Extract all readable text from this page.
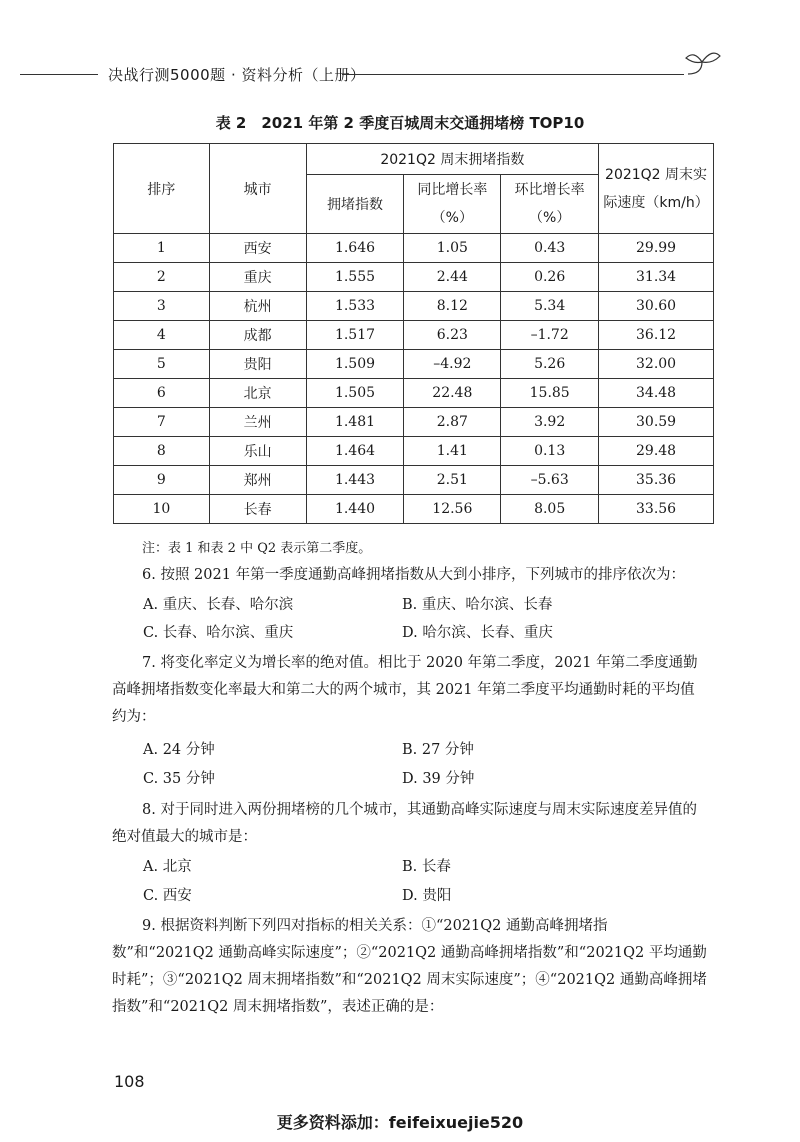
决战行测5000题 · 资料分析（上册）
表 2　2021 年第 2 季度百城周末交通拥堵榜 TOP10
排序	城市	2021Q2 周末拥堵指数			2021Q2 周末实际速度（km/h）
		拥堵指数	同比增长率（%）	环比增长率（%）	
1	西安	1.646	1.05	0.43	29.99
2	重庆	1.555	2.44	0.26	31.34
3	杭州	1.533	8.12	5.34	30.60
4	成都	1.517	6.23	–1.72	36.12
5	贵阳	1.509	–4.92	5.26	32.00
6	北京	1.505	22.48	15.85	34.48
7	兰州	1.481	2.87	3.92	30.59
8	乐山	1.464	1.41	0.13	29.48
9	郑州	1.443	2.51	–5.63	35.36
10	长春	1.440	12.56	8.05	33.56
注：表 1 和表 2 中 Q2 表示第二季度。
6. 按照 2021 年第一季度通勤高峰拥堵指数从大到小排序，下列城市的排序依次为：
A. 重庆、长春、哈尔滨	B. 重庆、哈尔滨、长春
C. 长春、哈尔滨、重庆	D. 哈尔滨、长春、重庆
7. 将变化率定义为增长率的绝对值。相比于 2020 年第二季度，2021 年第二季度通勤高峰拥堵指数变化率最大和第二大的两个城市，其 2021 年第二季度平均通勤时耗的平均值约为：
A. 24 分钟	B. 27 分钟
C. 35 分钟	D. 39 分钟
8. 对于同时进入两份拥堵榜的几个城市，其通勤高峰实际速度与周末实际速度差异值的绝对值最大的城市是：
A. 北京	B. 长春
C. 西安	D. 贵阳
9. 根据资料判断下列四对指标的相关关系：①“2021Q2 通勤高峰拥堵指数”和“2021Q2 通勤高峰实际速度”；②“2021Q2 通勤高峰拥堵指数”和“2021Q2 平均通勤时耗”；③“2021Q2 周末拥堵指数”和“2021Q2 周末实际速度”；④“2021Q2 通勤高峰拥堵指数”和“2021Q2 周末拥堵指数”，表述正确的是：
108
更多资料添加：feifeixuejie520
